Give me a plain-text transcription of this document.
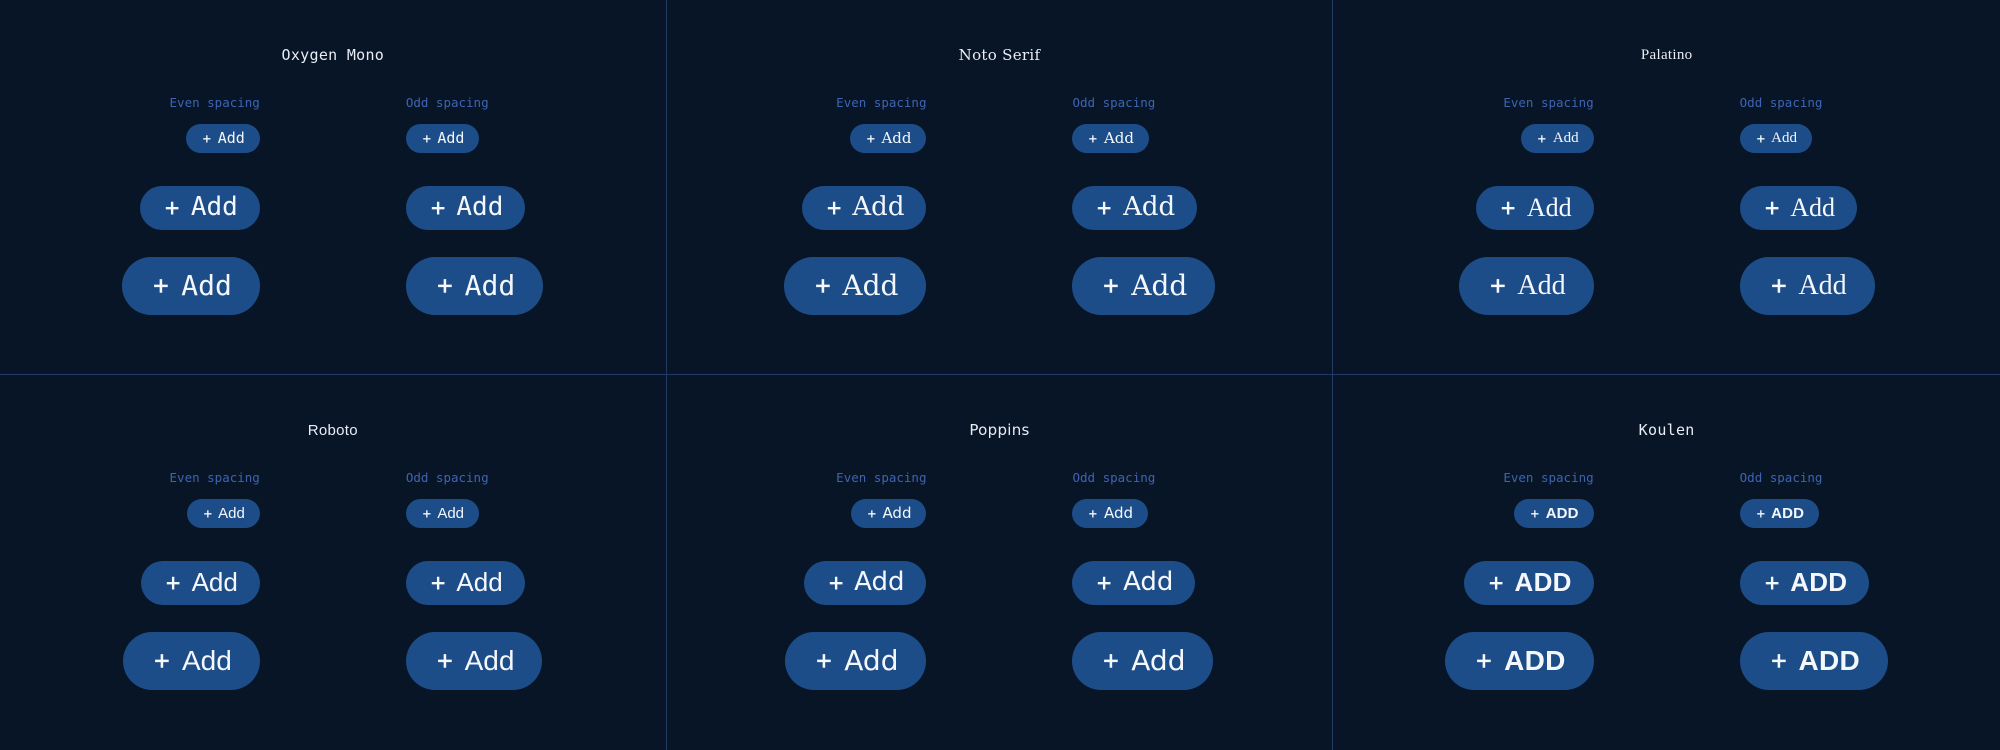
Oxygen Mono
Even spacing
Add
Add
Add
Odd spacing
Add
Add
Add
Noto Serif
Even spacing
Add
Add
Add
Odd spacing
Add
Add
Add
Palatino
Even spacing
Add
Add
Add
Odd spacing
Add
Add
Add
Roboto
Even spacing
Add
Add
Add
Odd spacing
Add
Add
Add
Poppins
Even spacing
Add
Add
Add
Odd spacing
Add
Add
Add
Koulen
Even spacing
ADD
ADD
ADD
Odd spacing
ADD
ADD
ADD
